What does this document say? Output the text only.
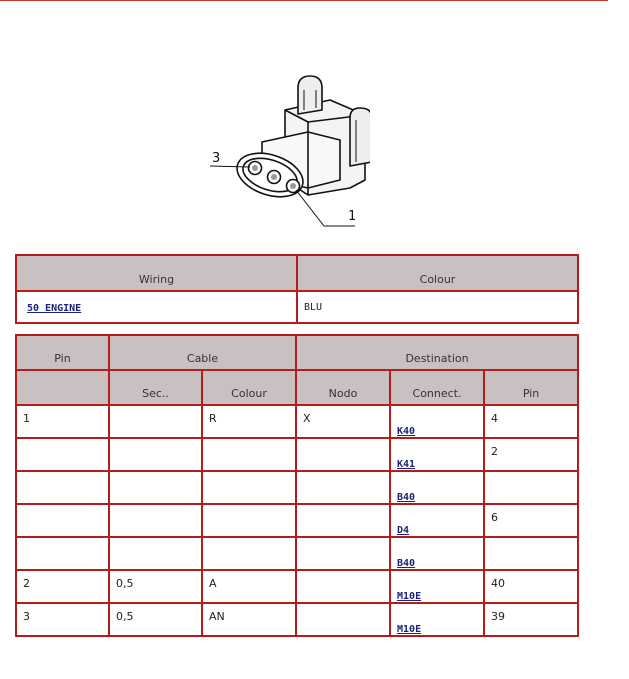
3
1
Wiring	Colour
50 ENGINE	BLU
Pin	Cable		Destination		
	Sec..	Colour	Nodo	Connect.	Pin
1		R	X	K40	4
				K41	2
				B40	
				D4	6
				B40	
2	0,5	A		M10E	40
3	0,5	AN		M10E	39
